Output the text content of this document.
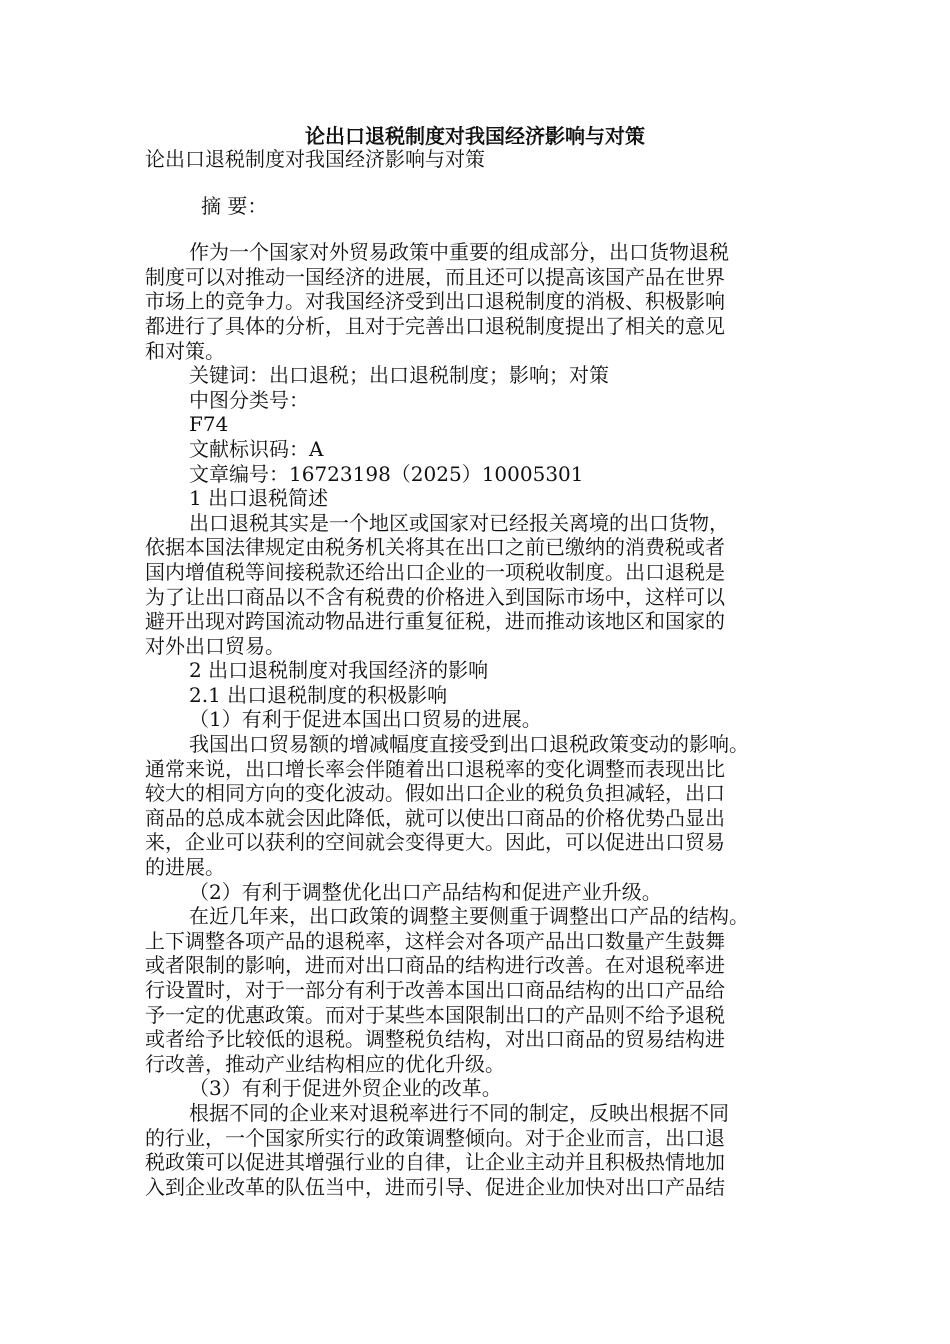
论出口退税制度对我国经济影响与对策
论出口退税制度对我国经济影响与对策
摘 要：
作为一个国家对外贸易政策中重要的组成部分，出口货物退税
制度可以对推动一国经济的进展，而且还可以提高该国产品在世界
市场上的竞争力。对我国经济受到出口退税制度的消极、积极影响
都进行了具体的分析，且对于完善出口退税制度提出了相关的意见
和对策。
关键词：出口退税；出口退税制度；影响；对策
中图分类号：
F74
文献标识码：A
文章编号：16723198（2025）10005301
1 出口退税简述
出口退税其实是一个地区或国家对已经报关离境的出口货物，
依据本国法律规定由税务机关将其在出口之前已缴纳的消费税或者
国内增值税等间接税款还给出口企业的一项税收制度。出口退税是
为了让出口商品以不含有税费的价格进入到国际市场中，这样可以
避开出现对跨国流动物品进行重复征税，进而推动该地区和国家的
对外出口贸易。
2 出口退税制度对我国经济的影响
2.1 出口退税制度的积极影响
（1）有利于促进本国出口贸易的进展。
我国出口贸易额的增减幅度直接受到出口退税政策变动的影响。
通常来说，出口增长率会伴随着出口退税率的变化调整而表现出比
较大的相同方向的变化波动。假如出口企业的税负负担减轻，出口
商品的总成本就会因此降低，就可以使出口商品的价格优势凸显出
来，企业可以获利的空间就会变得更大。因此，可以促进出口贸易
的进展。
（2）有利于调整优化出口产品结构和促进产业升级。
在近几年来，出口政策的调整主要侧重于调整出口产品的结构。
上下调整各项产品的退税率，这样会对各项产品出口数量产生鼓舞
或者限制的影响，进而对出口商品的结构进行改善。在对退税率进
行设置时，对于一部分有利于改善本国出口商品结构的出口产品给
予一定的优惠政策。而对于某些本国限制出口的产品则不给予退税
或者给予比较低的退税。调整税负结构，对出口商品的贸易结构进
行改善，推动产业结构相应的优化升级。
（3）有利于促进外贸企业的改革。
根据不同的企业来对退税率进行不同的制定，反映出根据不同
的行业，一个国家所实行的政策调整倾向。对于企业而言，出口退
税政策可以促进其增强行业的自律，让企业主动并且积极热情地加
入到企业改革的队伍当中，进而引导、促进企业加快对出口产品结
